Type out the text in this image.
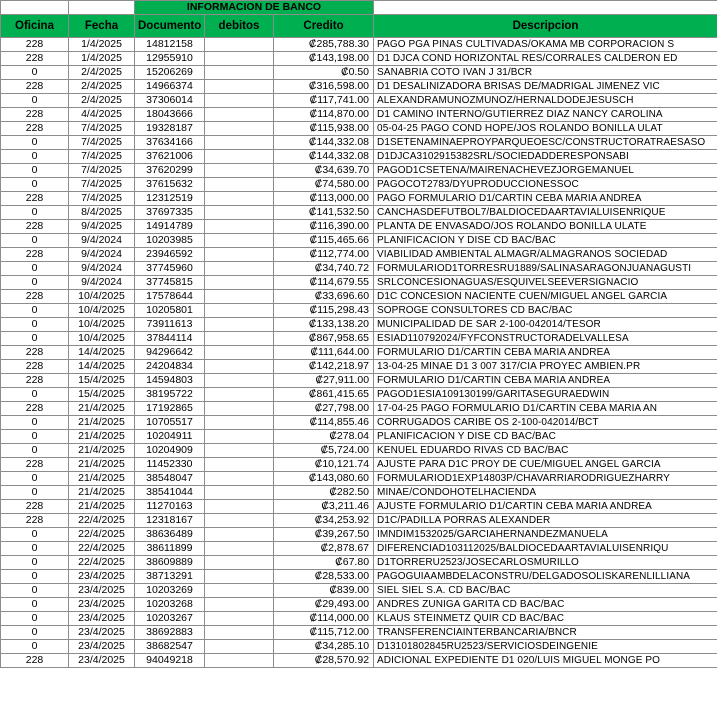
		INFORMACION DE BANCO			
Oficina	Fecha	Documento	debitos	Credito	Descripcion
228	1/4/2025	14812158		₡285,788.30	PAGO PGA PINAS CULTIVADAS/OKAMA MB CORPORACION S
228	1/4/2025	12955910		₡143,198.00	D1 DJCA COND HORIZONTAL RES/CORRALES CALDERON ED
0	2/4/2025	15206269		₡0.50	SANABRIA COTO IVAN J 31/BCR
228	2/4/2025	14966374		₡316,598.00	D1 DESALINIZADORA BRISAS DE/MADRIGAL JIMENEZ VIC
0	2/4/2025	37306014		₡117,741.00	ALEXANDRAMUNOZMUNOZ/HERNALDODEJESUSCH
228	4/4/2025	18043666		₡114,870.00	D1 CAMINO INTERNO/GUTIERREZ DIAZ NANCY CAROLINA
228	7/4/2025	19328187		₡115,938.00	05-04-25 PAGO COND HOPE/JOS ROLANDO BONILLA ULAT
0	7/4/2025	37634166		₡144,332.08	D1SETENAMINAEPROYPARQUEOESC/CONSTRUCTORATRAESASO
0	7/4/2025	37621006		₡144,332.08	D1DJCA3102915382SRL/SOCIEDADDERESPONSABI
0	7/4/2025	37620299		₡34,639.70	PAGOD1CSETENA/MAIRENACHEVEZJORGEMANUEL
0	7/4/2025	37615632		₡74,580.00	PAGOCOT2783/DYUPRODUCCIONESSOC
228	7/4/2025	12312519		₡113,000.00	PAGO FORMULARIO D1/CARTIN CEBA MARIA ANDREA
0	8/4/2025	37697335		₡141,532.50	CANCHASDEFUTBOL7/BALDIOCEDAARTAVIALUISENRIQUE
228	9/4/2025	14914789		₡116,390.00	PLANTA DE ENVASADO/JOS ROLANDO BONILLA ULATE
0	9/4/2024	10203985		₡115,465.66	PLANIFICACION Y DISE CD BAC/BAC
228	9/4/2024	23946592		₡112,774.00	VIABILIDAD AMBIENTAL ALMAGR/ALMAGRANOS SOCIEDAD
0	9/4/2024	37745960		₡34,740.72	FORMULARIOD1TORRESRU1889/SALINASARAGONJUANAGUSTI
0	9/4/2024	37745815		₡114,679.55	SRLCONCESIONAGUAS/ESQUIVELSEEVERSIGNACIO
228	10/4/2025	17578644		₡33,696.60	D1C CONCESION NACIENTE CUEN/MIGUEL ANGEL GARCIA
0	10/4/2025	10205801		₡115,298.43	SOPROGE CONSULTORES CD BAC/BAC
0	10/4/2025	73911613		₡133,138.20	MUNICIPALIDAD DE SAR 2-100-042014/TESOR
0	10/4/2025	37844114		₡867,958.65	ESIAD110792024/FYFCONSTRUCTORADELVALLESA
228	14/4/2025	94296642		₡111,644.00	FORMULARIO D1/CARTIN CEBA MARIA ANDREA
228	14/4/2025	24204834		₡142,218.97	13-04-25 MINAE D1 3 007 317/CIA PROYEC AMBIEN.PR
228	15/4/2025	14594803		₡27,911.00	FORMULARIO D1/CARTIN CEBA MARIA ANDREA
0	15/4/2025	38195722		₡861,415.65	PAGOD1ESIA109130199/GARITASEGURAEDWIN
228	21/4/2025	17192865		₡27,798.00	17-04-25 PAGO FORMULARIO D1/CARTIN CEBA MARIA AN
0	21/4/2025	10705517		₡114,855.46	CORRUGADOS CARIBE OS 2-100-042014/BCT
0	21/4/2025	10204911		₡278.04	PLANIFICACION Y DISE CD BAC/BAC
0	21/4/2025	10204909		₡5,724.00	KENUEL EDUARDO RIVAS CD BAC/BAC
228	21/4/2025	11452330		₡10,121.74	AJUSTE PARA D1C PROY DE CUE/MIGUEL ANGEL GARCIA
0	21/4/2025	38548047		₡143,080.60	FORMULARIOD1EXP14803P/CHAVARRIARODRIGUEZHARRY
0	21/4/2025	38541044		₡282.50	MINAE/CONDOHOTELHACIENDA
228	21/4/2025	11270163		₡3,211.46	AJUSTE FORMULARIO D1/CARTIN CEBA MARIA ANDREA
228	22/4/2025	12318167		₡34,253.92	D1C/PADILLA PORRAS ALEXANDER
0	22/4/2025	38636489		₡39,267.50	IMNDIM1532025/GARCIAHERNANDEZMANUELA
0	22/4/2025	38611899		₡2,878.67	DIFERENCIAD103112025/BALDIOCEDAARTAVIALUISENRIQU
0	22/4/2025	38609889		₡67.80	D1TORRERU2523/JOSECARLOSMURILLO
0	23/4/2025	38713291		₡28,533.00	PAGOGUIAAMBDELACONSTRU/DELGADOSOLISKARENLILLIANA
0	23/4/2025	10203269		₡839.00	SIEL SIEL S.A. CD BAC/BAC
0	23/4/2025	10203268		₡29,493.00	ANDRES ZUNIGA GARITA CD BAC/BAC
0	23/4/2025	10203267		₡114,000.00	KLAUS STEINMETZ QUIR CD BAC/BAC
0	23/4/2025	38692883		₡115,712.00	TRANSFERENCIAINTERBANCARIA/BNCR
0	23/4/2025	38682547		₡34,285.10	D13101802845RU2523/SERVICIOSDEINGENIE
228	23/4/2025	94049218		₡28,570.92	ADICIONAL EXPEDIENTE D1 020/LUIS MIGUEL MONGE PO
